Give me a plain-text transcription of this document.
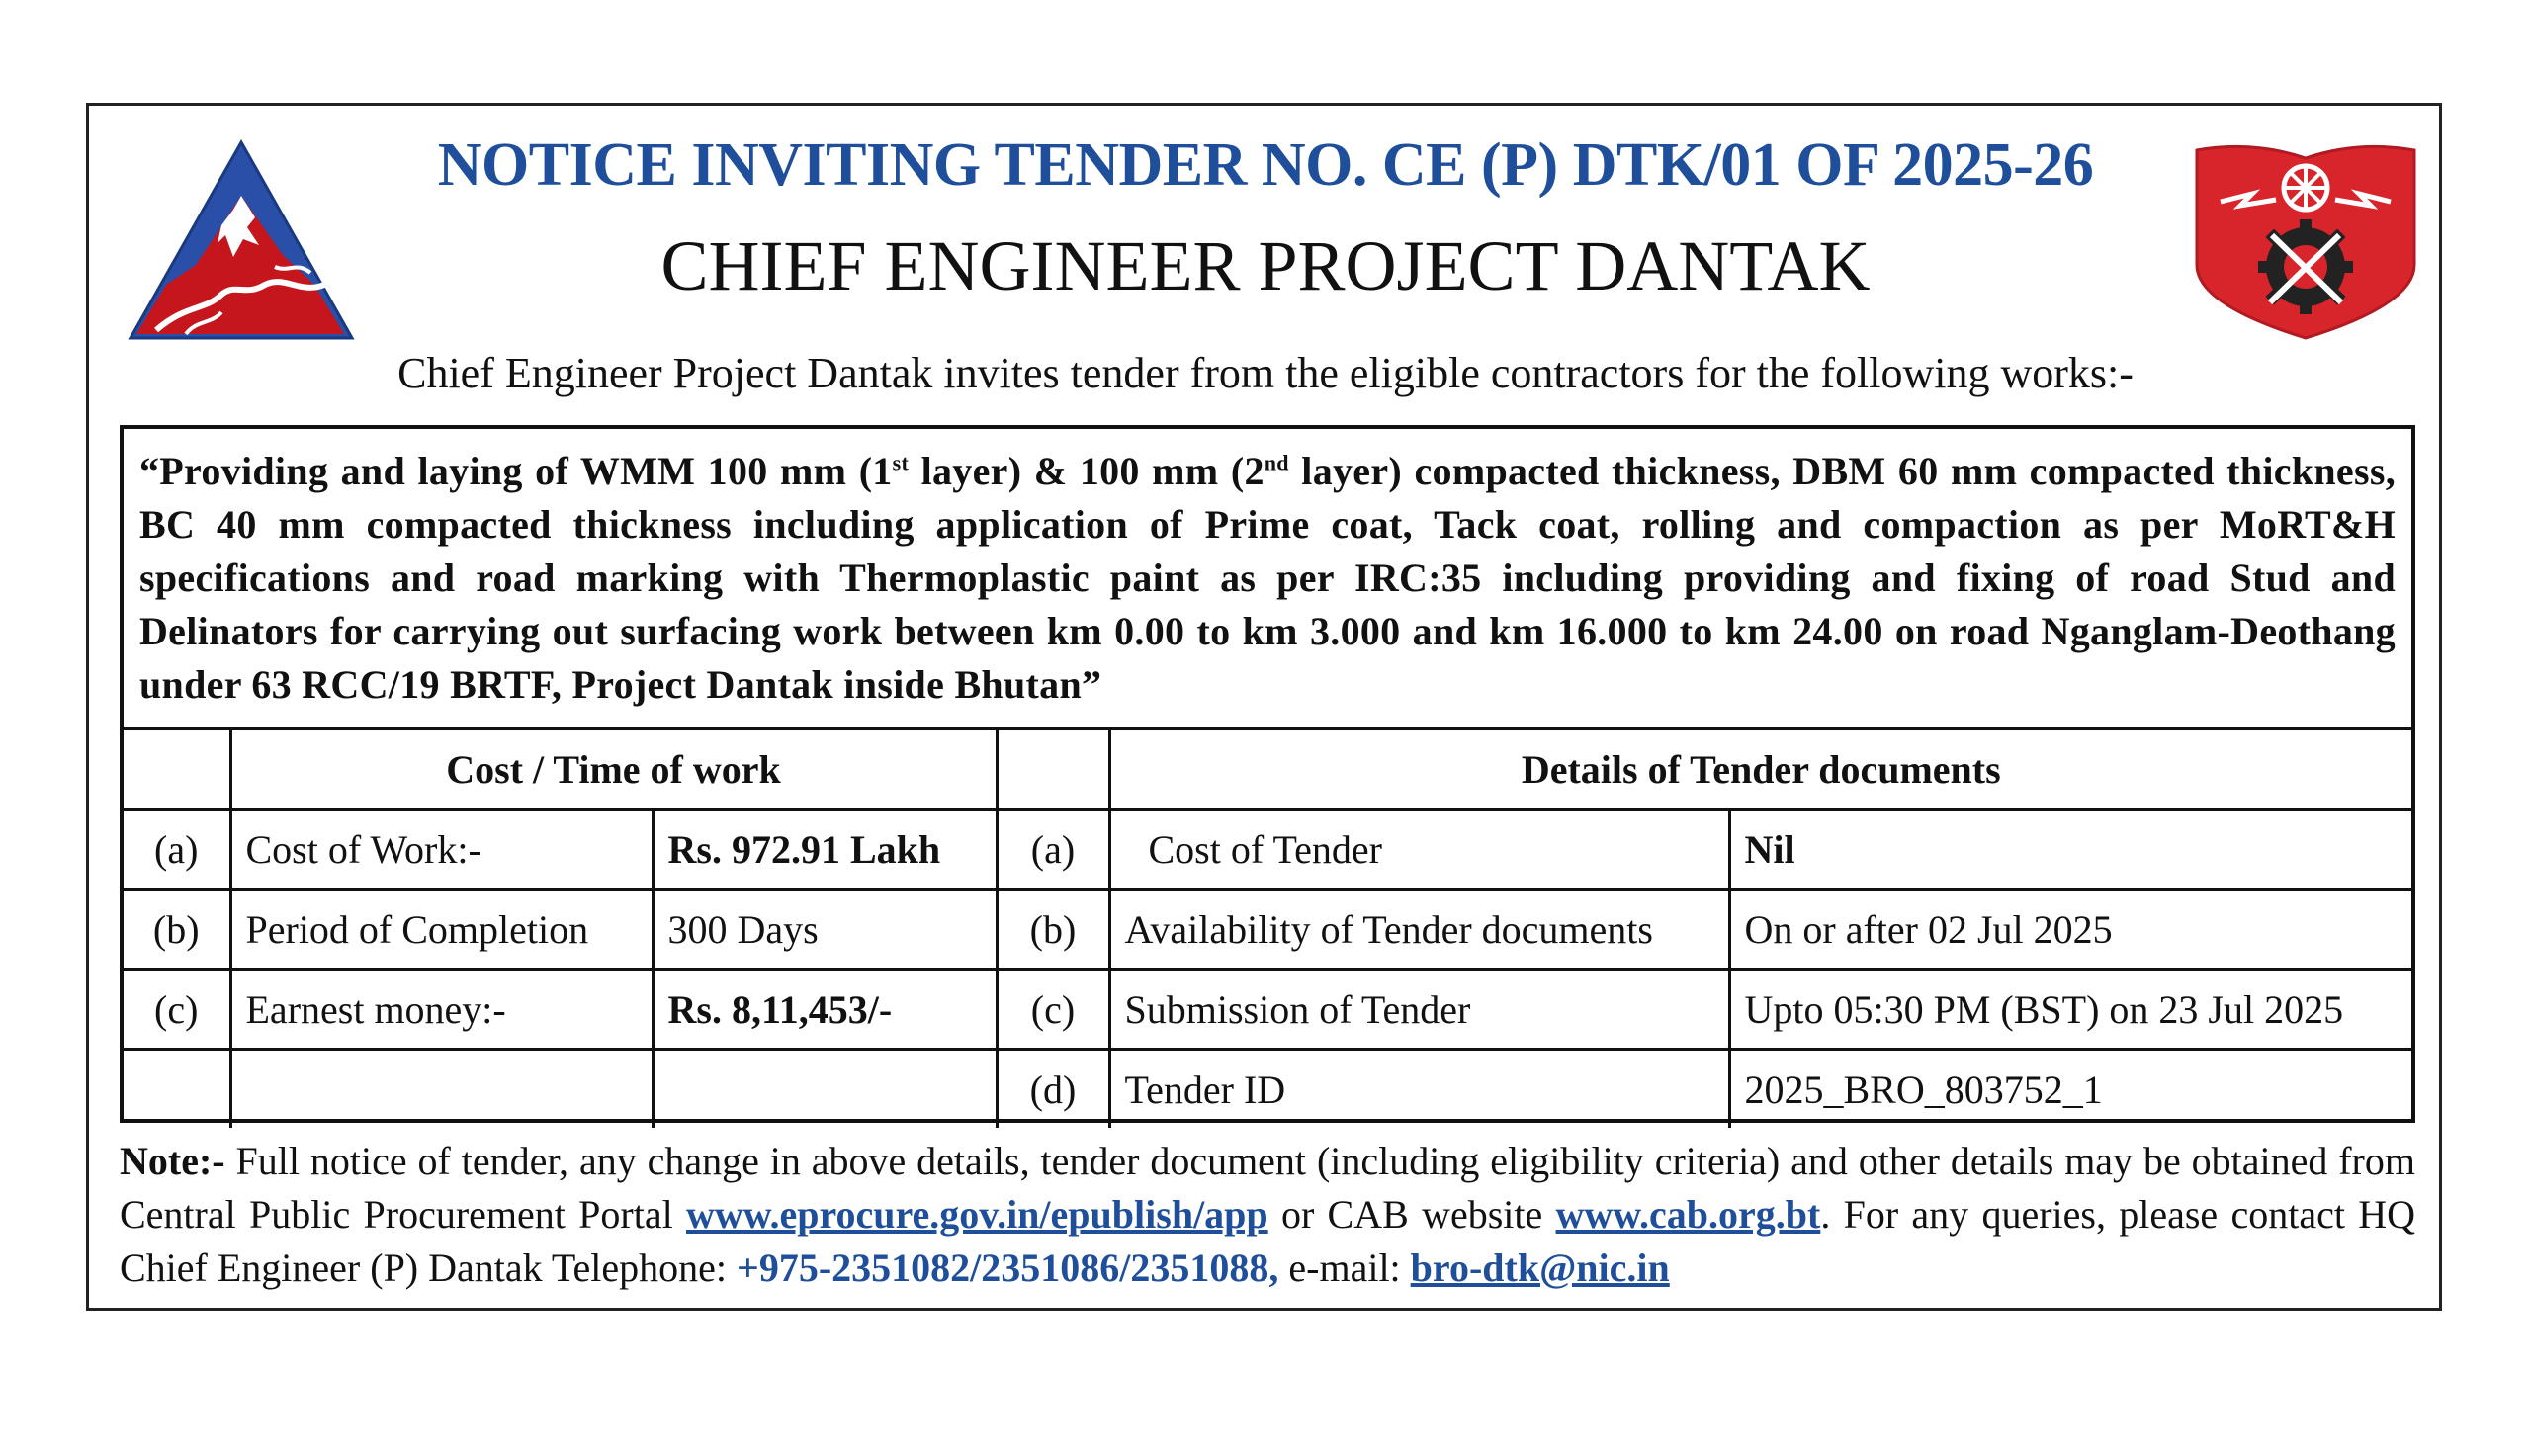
NOTICE INVITING TENDER NO. CE (P) DTK/01 OF 2025-26
CHIEF ENGINEER PROJECT DANTAK
Chief Engineer Project Dantak invites tender from the eligible contractors for the following works:-
“Providing and laying of WMM 100 mm (1st layer) & 100 mm (2nd layer) compacted thickness, DBM 60 mm compacted thickness, BC 40 mm compacted thickness including application of Prime coat, Tack coat, rolling and compaction as per MoRT&H specifications and road marking with Thermoplastic paint as per IRC:35 including providing and fixing of road Stud and Delinators for carrying out surfacing work between km 0.00 to km 3.000 and km 16.000 to km 24.00 on road Nganglam-Deothang under 63 RCC/19 BRTF, Project Dantak inside Bhutan”
	Cost / Time of work			Details of Tender documents	
(a)	Cost of Work:-	Rs. 972.91 Lakh	(a)	Cost of Tender	Nil
(b)	Period of Completion	300 Days	(b)	Availability of Tender documents	On or after 02 Jul 2025
(c)	Earnest money:-	Rs. 8,11,453/-	(c)	Submission of Tender	Upto 05:30 PM (BST) on 23 Jul 2025
			(d)	Tender ID	2025_BRO_803752_1
Note:- Full notice of tender, any change in above details, tender document (including eligibility criteria) and other details may be obtained from Central Public Procurement Portal www.eprocure.gov.in/epublish/app or CAB website www.cab.org.bt. For any queries, please contact HQ Chief Engineer (P) Dantak Telephone: +975-2351082/2351086/2351088, e-mail: bro-dtk@nic.in
